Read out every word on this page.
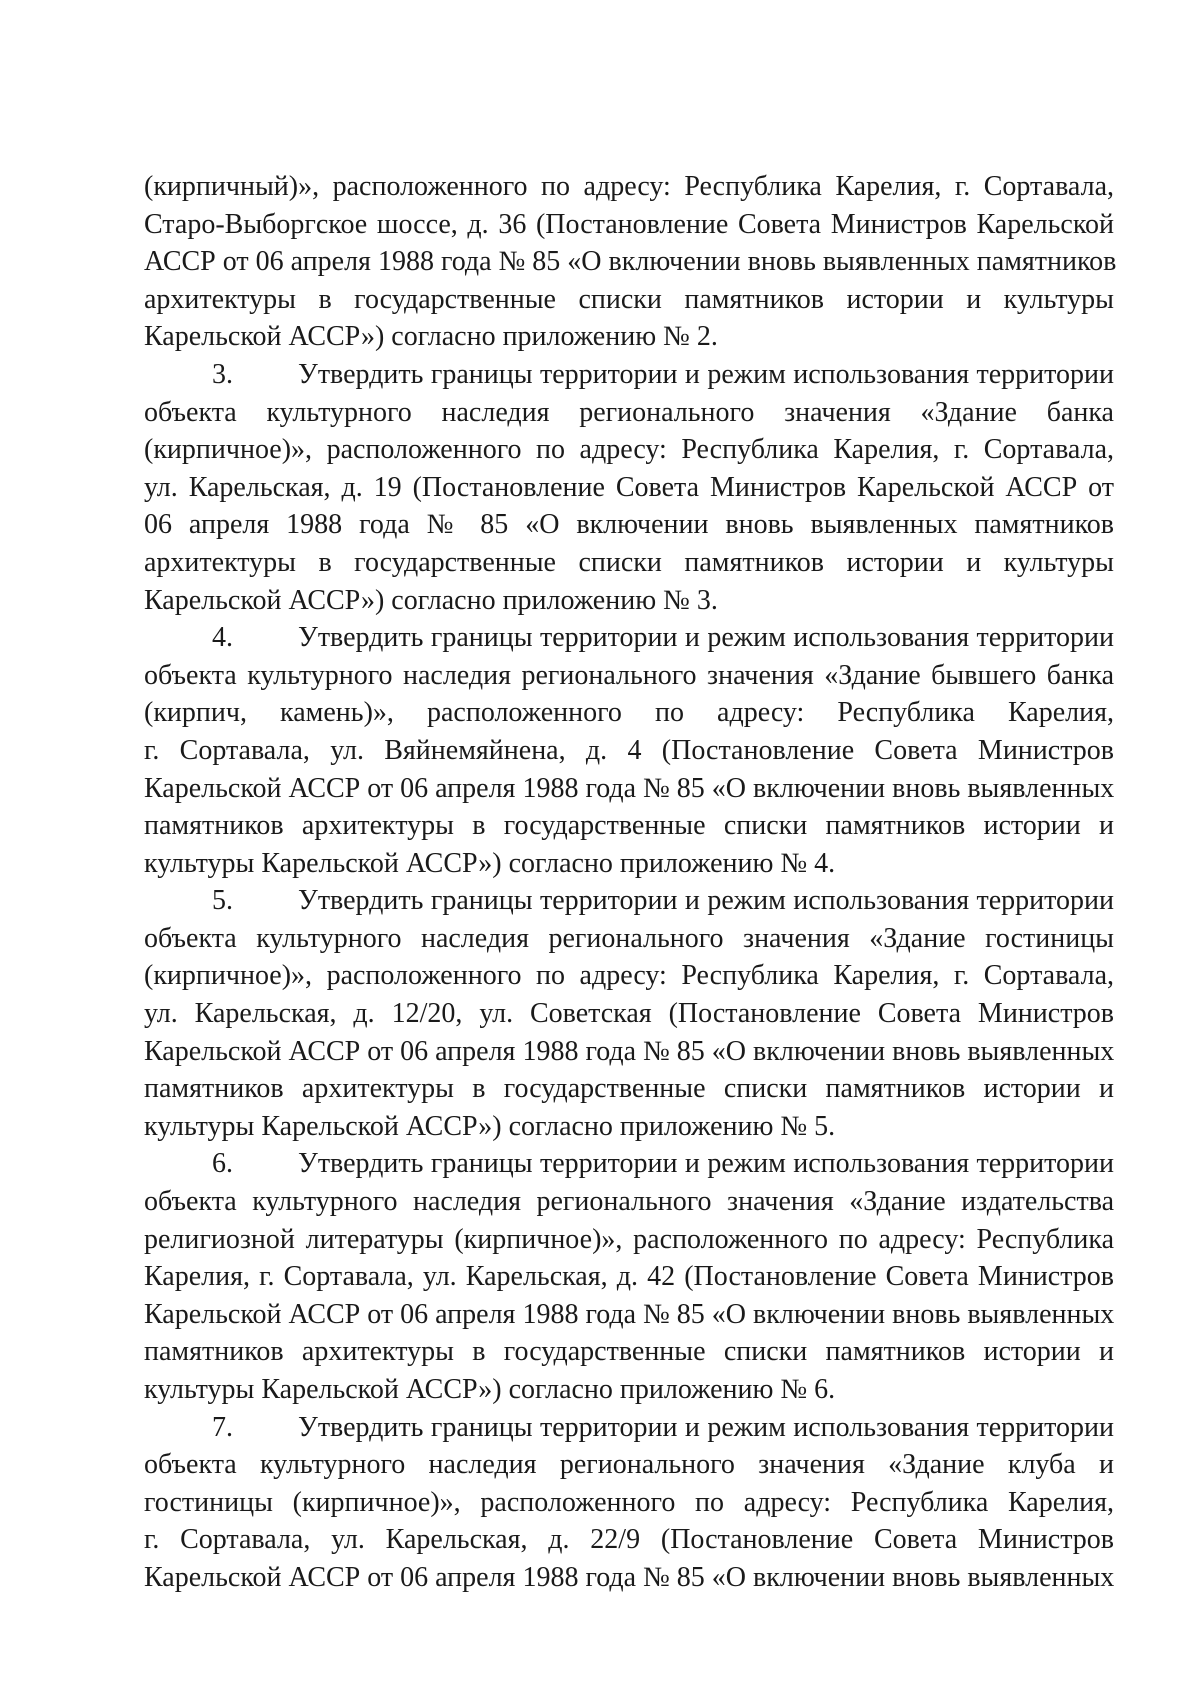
(кирпичный)», расположенного по адресу: Республика Карелия, г. Сортавала,
Старо-Выборгское шоссе, д. 36 (Постановление Совета Министров Карельской
АССР от 06 апреля 1988 года № 85 «О включении вновь выявленных памятников
архитектуры в государственные списки памятников истории и культуры
Карельской АССР») согласно приложению № 2.
3. Утвердить границы территории и режим использования территории
объекта культурного наследия регионального значения «Здание банка
(кирпичное)», расположенного по адресу: Республика Карелия, г. Сортавала,
ул. Карельская, д. 19 (Постановление Совета Министров Карельской АССР от
06 апреля 1988 года № 85 «О включении вновь выявленных памятников
архитектуры в государственные списки памятников истории и культуры
Карельской АССР») согласно приложению № 3.
4. Утвердить границы территории и режим использования территории
объекта культурного наследия регионального значения «Здание бывшего банка
(кирпич, камень)», расположенного по адресу: Республика Карелия,
г. Сортавала, ул. Вяйнемяйнена, д. 4 (Постановление Совета Министров
Карельской АССР от 06 апреля 1988 года № 85 «О включении вновь выявленных
памятников архитектуры в государственные списки памятников истории и
культуры Карельской АССР») согласно приложению № 4.
5. Утвердить границы территории и режим использования территории
объекта культурного наследия регионального значения «Здание гостиницы
(кирпичное)», расположенного по адресу: Республика Карелия, г. Сортавала,
ул. Карельская, д. 12/20, ул. Советская (Постановление Совета Министров
Карельской АССР от 06 апреля 1988 года № 85 «О включении вновь выявленных
памятников архитектуры в государственные списки памятников истории и
культуры Карельской АССР») согласно приложению № 5.
6. Утвердить границы территории и режим использования территории
объекта культурного наследия регионального значения «Здание издательства
религиозной литературы (кирпичное)», расположенного по адресу: Республика
Карелия, г. Сортавала, ул. Карельская, д. 42 (Постановление Совета Министров
Карельской АССР от 06 апреля 1988 года № 85 «О включении вновь выявленных
памятников архитектуры в государственные списки памятников истории и
культуры Карельской АССР») согласно приложению № 6.
7. Утвердить границы территории и режим использования территории
объекта культурного наследия регионального значения «Здание клуба и
гостиницы (кирпичное)», расположенного по адресу: Республика Карелия,
г. Сортавала, ул. Карельская, д. 22/9 (Постановление Совета Министров
Карельской АССР от 06 апреля 1988 года № 85 «О включении вновь выявленных
